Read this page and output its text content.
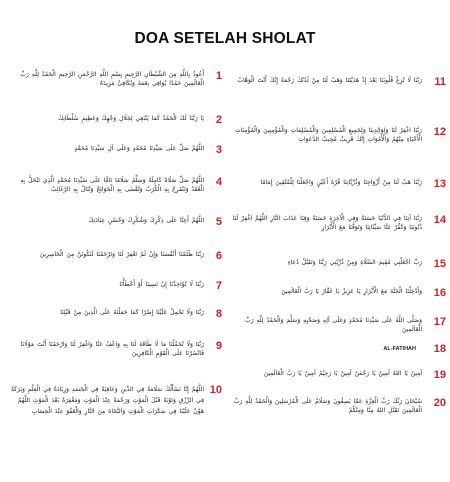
DOA SETELAH SHOLAT
أَعُوذُ بِاللَّهِ مِنَ الشَّيْطَانِ الرَّجِيمِ بِسْمِ اللَّهِ الرَّحْمَنِ الرَّحِيمِ الْحَمْدُ لِلَّهِ رَبِّ الْعَالَمِينَ حَمْدًا يُوَافِي نِعَمَهُ وَيُكَافِئُ مَزِيدَهُ
1
يَا رَبَّنَا لَكَ الْحَمْدُ كَمَا يَنْبَغِي لِجَلَالِ وَجْهِكَ وَعَظِيمِ سُلْطَانِكَ 2
اللَّهُمَّ صَلِّ عَلَى سَيِّدِنَا مُحَمَّدٍ وَعَلَى آلِ سَيِّدِنَا مُحَمَّدٍ 3
اللَّهُمَّ صَلِّ صَلَاةً كَامِلَةً وَسَلِّمْ سَلَامًا تَامًّا عَلَى سَيِّدِنَا مُحَمَّدٍ الَّذِي تَنْحَلُّ بِهِ الْعُقَدُ وَتَنْفَرِجُ بِهِ الْكُرَبُ وَتُقْضَى بِهِ الْحَوَائِجُ وَتُنَالُ بِهِ الرَّغَائِبُ
4
اللَّهُمَّ أَعِنَّا عَلَى ذِكْرِكَ وَشُكْرِكَ وَحُسْنِ عِبَادَتِكَ 5
رَبَّنَا ظَلَمْنَا أَنْفُسَنَا وَإِنْ لَمْ تَغْفِرْ لَنَا وَتَرْحَمْنَا لَنَكُونَنَّ مِنَ الْخَاسِرِينَ 6
رَبَّنَا لَا تُؤَاخِذْنَا إِنْ نَسِينَا أَوْ أَخْطَأْنَا 7
رَبَّنَا وَلَا تَحْمِلْ عَلَيْنَا إِصْرًا كَمَا حَمَلْتَهُ عَلَى الَّذِينَ مِنْ قَبْلِنَا 8
رَبَّنَا وَلَا تُحَمِّلْنَا مَا لَا طَاقَةَ لَنَا بِهِ وَاعْفُ عَنَّا وَاغْفِرْ لَنَا وَارْحَمْنَا أَنْتَ مَوْلَانَا فَانْصُرْنَا عَلَى الْقَوْمِ الْكَافِرِينَ
9
اللَّهُمَّ إِنَّا نَسْأَلُكَ سَلَامَةً فِي الدِّينِ وَعَافِيَةً فِي الْجَسَدِ وَزِيَادَةً فِي الْعِلْمِ وَبَرَكَةً فِي الرِّزْقِ وَتَوْبَةً قَبْلَ الْمَوْتِ وَرَحْمَةً عِنْدَ الْمَوْتِ وَمَغْفِرَةً بَعْدَ الْمَوْتِ اللَّهُمَّ هَوِّنْ عَلَيْنَا فِي سَكَرَاتِ الْمَوْتِ وَالنَّجَاةَ مِنَ النَّارِ وَالْعَفْوَ عِنْدَ الْحِسَابِ
10
رَبَّنَا لَا تُزِغْ قُلُوبَنَا بَعْدَ إِذْ هَدَيْتَنَا وَهَبْ لَنَا مِنْ لَدُنْكَ رَحْمَةً إِنَّكَ أَنْتَ الْوَهَّابُ 11
رَبَّنَا اغْفِرْ لَنَا وَلِوَالِدِينَا وَلِجَمِيعِ الْمُسْلِمِينَ وَالْمُسْلِمَاتِ وَالْمُؤْمِنِينَ وَالْمُؤْمِنَاتِ الْأَحْيَاءِ مِنْهُمْ وَالْأَمْوَاتِ إِنَّكَ قَرِيبٌ مُجِيبُ الدَّعَوَاتِ
12
رَبَّنَا هَبْ لَنَا مِنْ أَزْوَاجِنَا وَذُرِّيَّاتِنَا قُرَّةَ أَعْيُنٍ وَاجْعَلْنَا لِلْمُتَّقِينَ إِمَامًا 13
رَبَّنَا آتِنَا فِي الدُّنْيَا حَسَنَةً وَفِي الْآخِرَةِ حَسَنَةً وَقِنَا عَذَابَ النَّارِ اللَّهُمَّ اغْفِرْ لَنَا ذُنُوبَنَا وَكَفِّرْ عَنَّا سَيِّئَاتِنَا وَتَوَفَّنَا مَعَ الْأَبْرَارِ
14
رَبِّ اجْعَلْنِي مُقِيمَ الصَّلَاةِ وَمِنْ ذُرِّيَّتِي رَبَّنَا وَتَقَبَّلْ دُعَاءِ 15
وَأَدْخِلْنَا الْجَنَّةَ مَعَ الْأَبْرَارِ يَا عَزِيزُ يَا غَفَّارُ يَا رَبَّ الْعَالَمِينَ 16
وَصَلَّى اللَّهُ عَلَى سَيِّدِنَا مُحَمَّدٍ وَعَلَى آلِهِ وَصَحْبِهِ وَسَلَّمَ وَالْحَمْدُ لِلَّهِ رَبِّ الْعَالَمِينَ
17
AL-FATIHAH 18
آمِينْ يَا اللهُ آمِينْ يَا رَحْمٰنُ آمِينْ يَا رَحِيْمُ آمِينْ يَا رَبَّ الْعَالَمِينَ 19
سُبْحَانَ رَبِّكَ رَبِّ الْعِزَّةِ عَمَّا يَصِفُونَ وَسَلَامٌ عَلَى الْمُرْسَلِينَ وَالْحَمْدُ لِلَّهِ رَبِّ الْعَالَمِينَ تَقَبَّلِ اللهُ مِنَّا وَمِنْكُمْ
20
